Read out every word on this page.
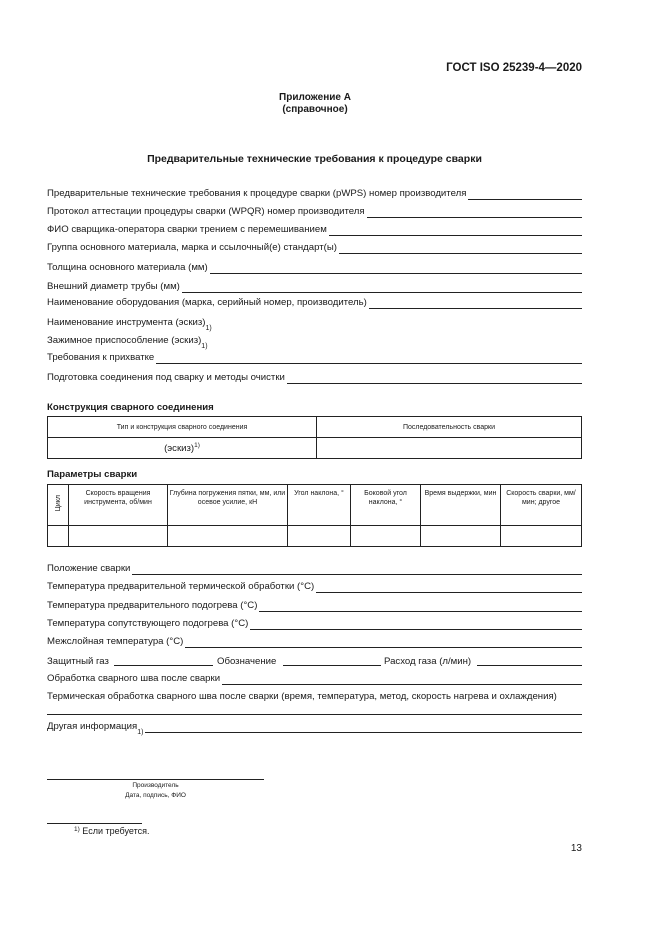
ГОСТ ISO 25239-4—2020
Приложение А
(справочное)
Предварительные технические требования к процедуре сварки
Предварительные технические требования к процедуре сварки (pWPS) номер производителя
Протокол аттестации процедуры сварки (WPQR) номер производителя
ФИО сварщика-оператора сварки трением с перемешиванием
Группа основного материала, марка и ссылочный(е) стандарт(ы)
Толщина основного материала (мм)
Внешний диаметр трубы (мм)
Наименование оборудования (марка, серийный номер, производитель)
Наименование инструмента (эскиз)
1)
Зажимное приспособление (эскиз)
1)
Требования к прихватке
Подготовка соединения под сварку и методы очистки
Конструкция сварного соединения
Тип и конструкция сварного соединения	Последовательность сварки
(эскиз)$^{1)}$	
Параметры сварки
Цикл	Скорость вращения инструмента, об/мин	Глубина погружения пятки, мм, или осевое усилие, кН	Угол наклона, °	Боковой угол наклона, °	Время выдержки, мин	Скорость сварки, мм/мин; другое

Положение сварки
Температура предварительной термической обработки (°C)
Температура предварительного подогрева (°C)
Температура сопутствующего подогрева (°C)
Межслойная температура (°C)
Защитный газ	Обозначение	Расход газа (л/мин)
Обработка сварного шва после сварки
Термическая обработка сварного шва после сварки (время, температура, метод, скорость нагрева и охлаждения)
Другая информация
1)
Производитель
Дата, подпись, ФИО
$^{1)}$ Если требуется.
13
